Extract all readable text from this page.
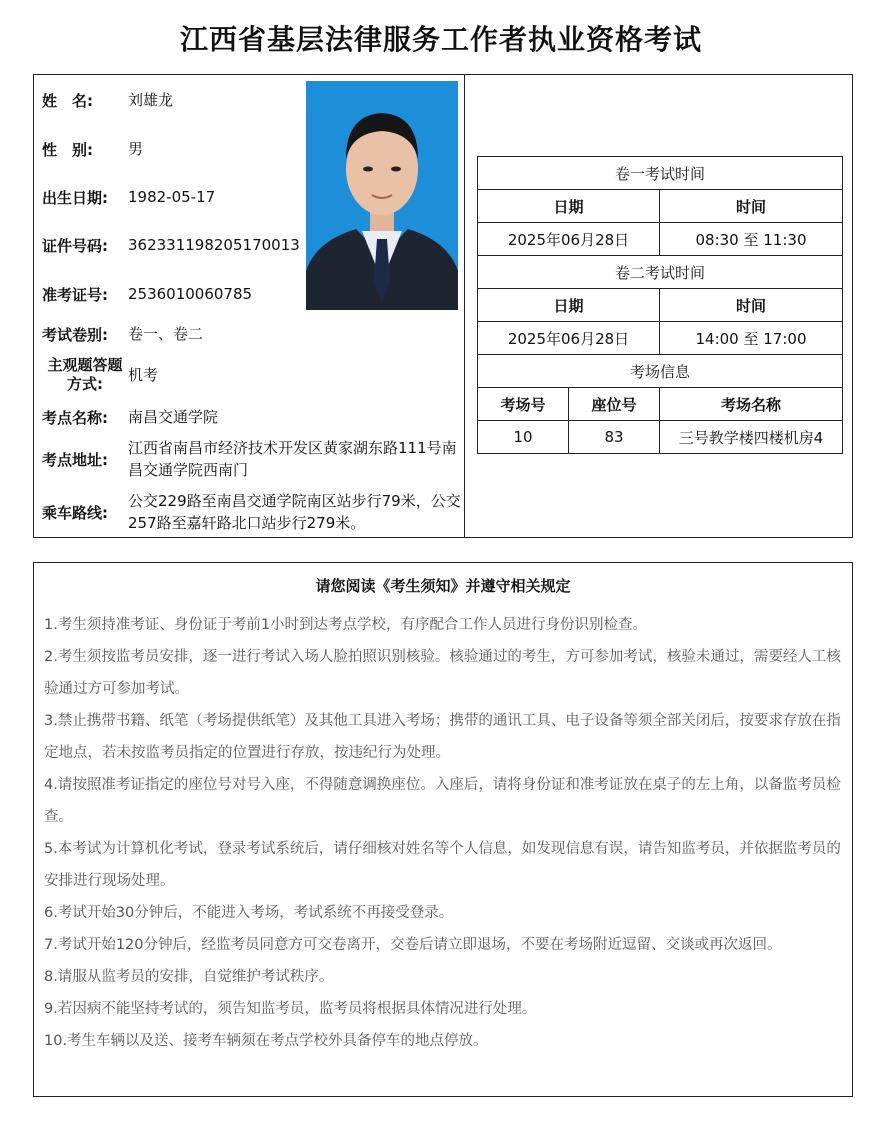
江西省基层法律服务工作者执业资格考试
姓　名:	刘雄龙
性　别:	男
出生日期:	1982-05-17
证件号码:	362331198205170013
准考证号:	2536010060785
考试卷别:	卷一、卷二
主观题答题方式:	机考
考点名称:	南昌交通学院
考点地址:
江西省南昌市经济技术开发区黄家湖东路111号南昌交通学院西南门
乘车路线:
公交229路至南昌交通学院南区站步行79米，公交257路至嘉轩路北口站步行279米。
卷一考试时间		
日期		时间
2025年06月28日		08:30 至 11:30
卷二考试时间		
日期		时间
2025年06月28日		14:00 至 17:00
考场信息		
考场号	座位号	考场名称
10	83	三号教学楼四楼机房4
请您阅读《考生须知》并遵守相关规定

1.考生须持准考证、身份证于考前1小时到达考点学校，有序配合工作人员进行身份识别检查。

2.考生须按监考员安排，逐一进行考试入场人脸拍照识别核验。核验通过的考生，方可参加考试，核验未通过，需要经人工核验通过方可参加考试。

3.禁止携带书籍、纸笔（考场提供纸笔）及其他工具进入考场；携带的通讯工具、电子设备等须全部关闭后，按要求存放在指定地点，若未按监考员指定的位置进行存放，按违纪行为处理。

4.请按照准考证指定的座位号对号入座，不得随意调换座位。入座后，请将身份证和准考证放在桌子的左上角，以备监考员检查。

5.本考试为计算机化考试，登录考试系统后，请仔细核对姓名等个人信息，如发现信息有误，请告知监考员，并依据监考员的安排进行现场处理。

6.考试开始30分钟后，不能进入考场，考试系统不再接受登录。

7.考试开始120分钟后，经监考员同意方可交卷离开，交卷后请立即退场，不要在考场附近逗留、交谈或再次返回。

8.请服从监考员的安排，自觉维护考试秩序。

9.若因病不能坚持考试的，须告知监考员，监考员将根据具体情况进行处理。

10.考生车辆以及送、接考车辆须在考点学校外具备停车的地点停放。
